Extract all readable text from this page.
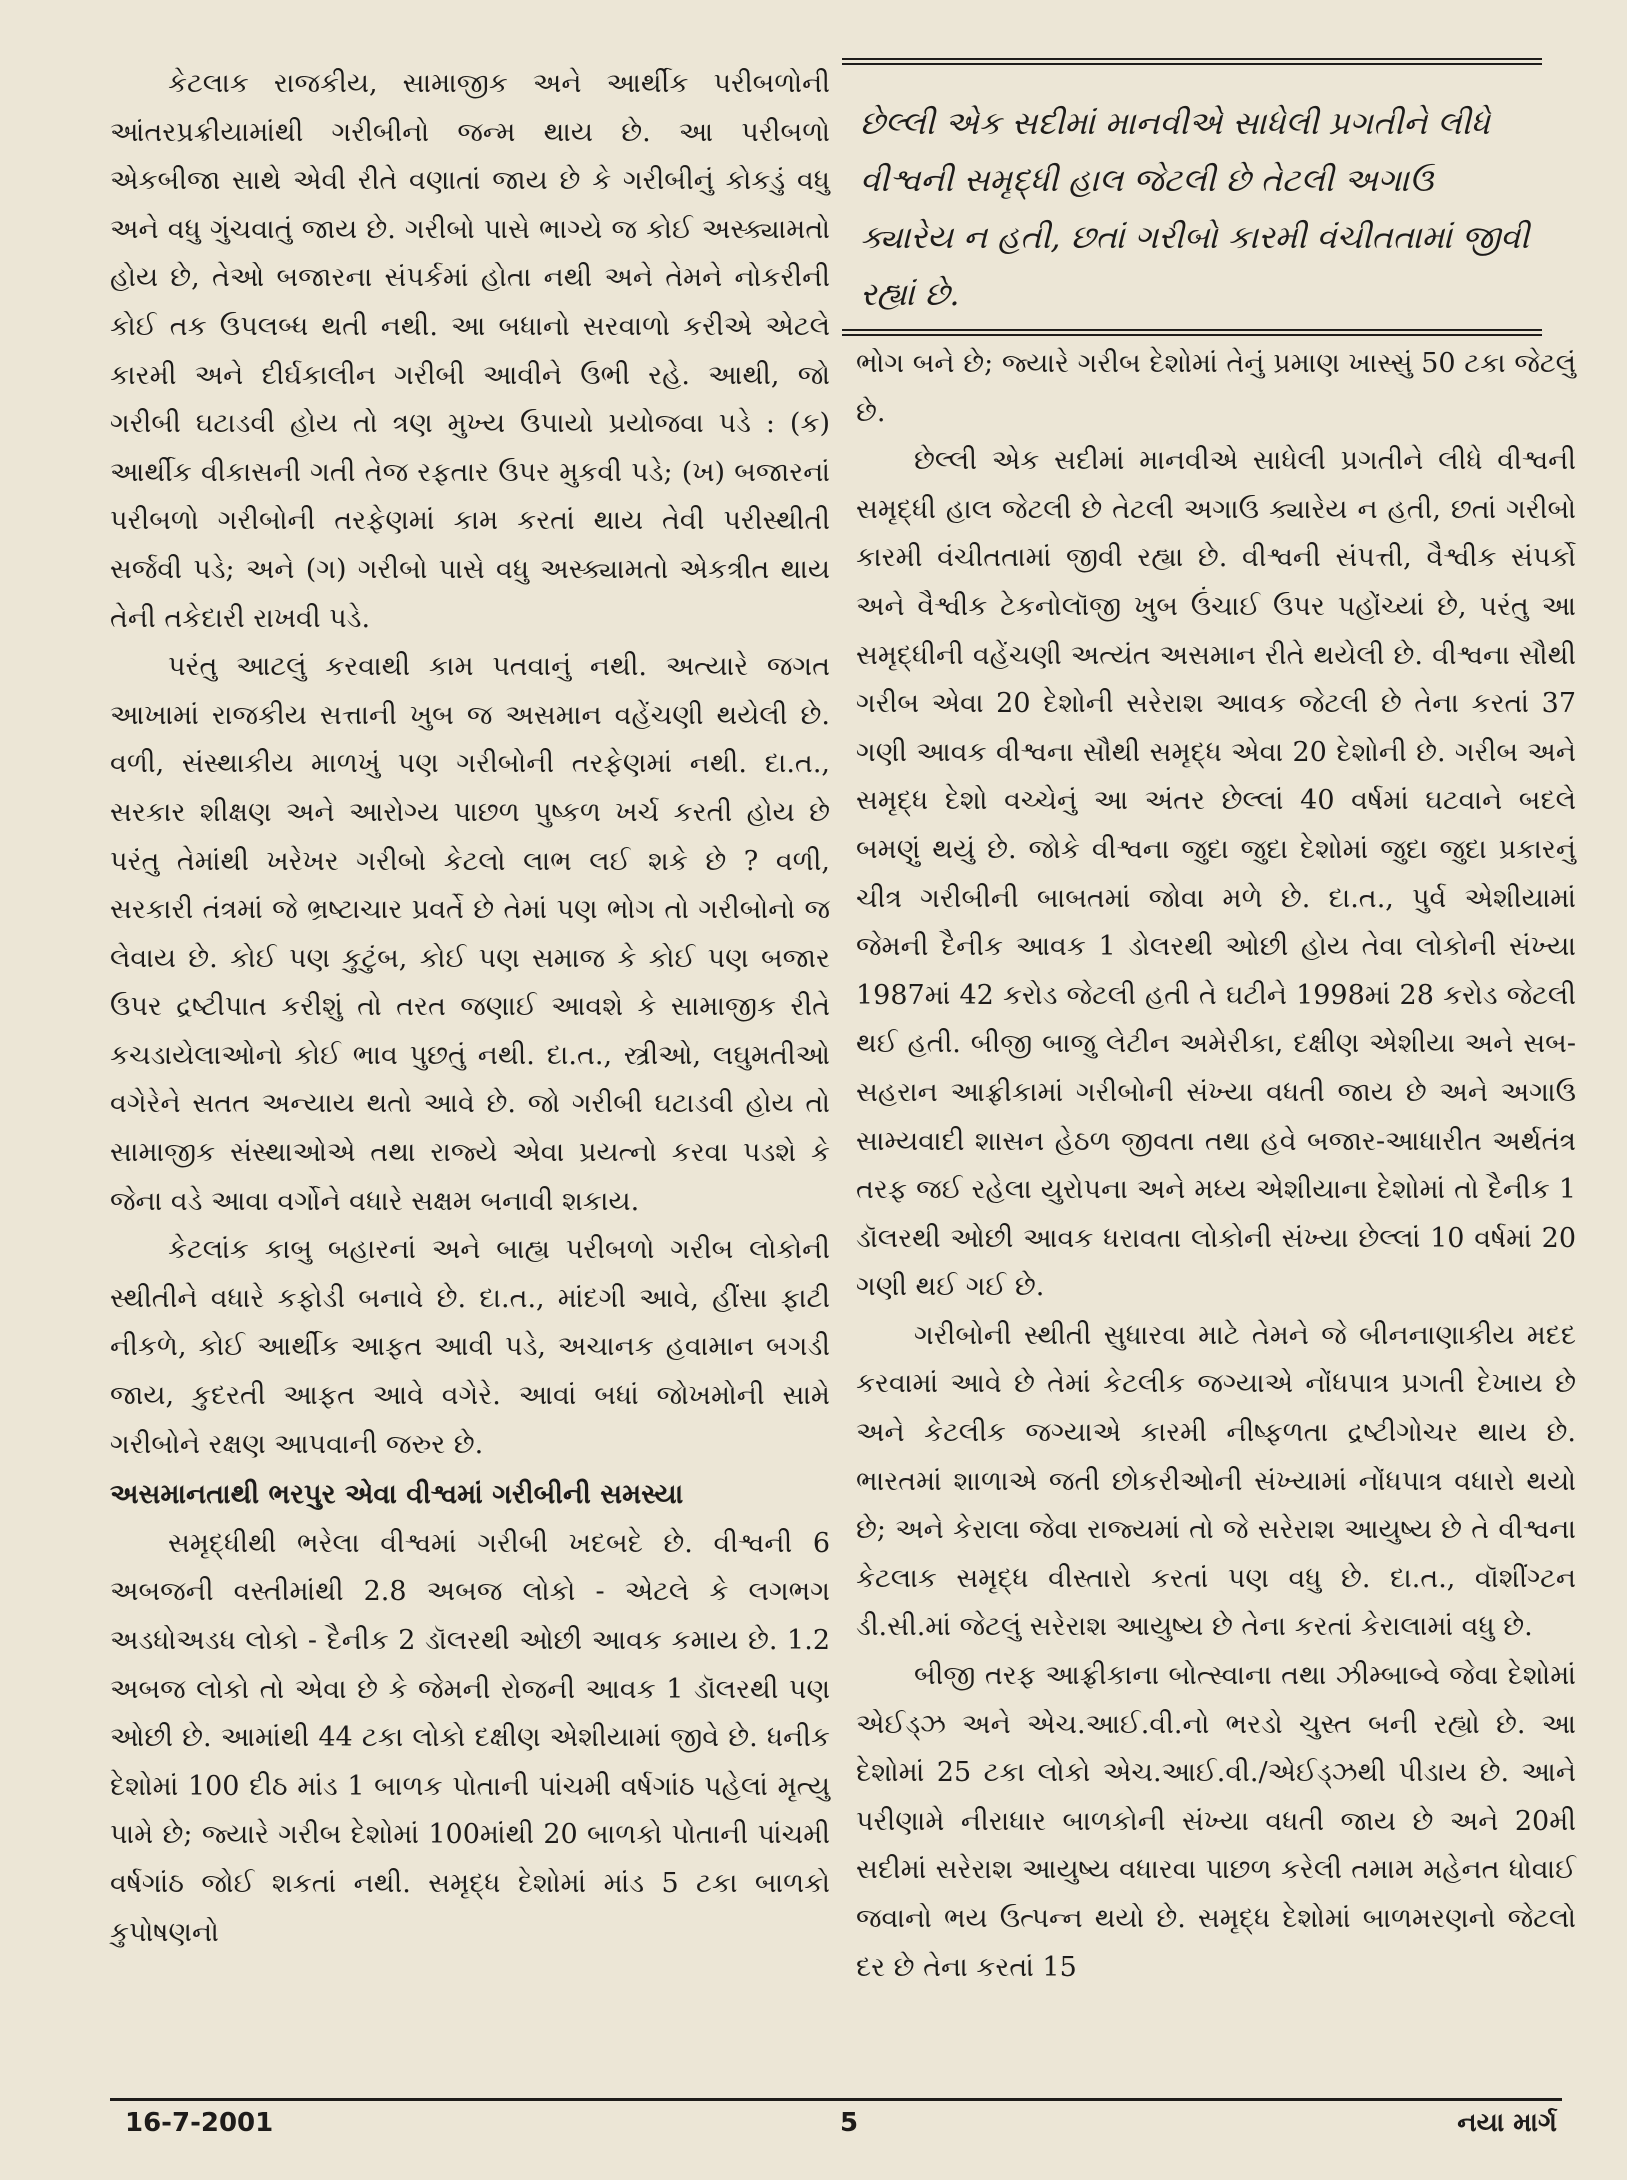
કેટલાક રાજકીય, સામાજીક અને આર્થીક પરીબળોની આંતરપ્રક્રીયામાંથી ગરીબીનો જન્મ થાય છે. આ પરીબળો એકબીજા સાથે એવી રીતે વણાતાં જાય છે કે ગરીબીનું કોકડું વધુ અને વધુ ગુંચવાતું જાય છે. ગરીબો પાસે ભાગ્યે જ કોઈ અસ્ક્યામતો હોય છે, તેઓ બજારના સંપર્કમાં હોતા નથી અને તેમને નોકરીની કોઈ તક ઉપલબ્ધ થતી નથી. આ બધાનો સરવાળો કરીએ એટલે કારમી અને દીર્ઘકાલીન ગરીબી આવીને ઉભી રહે. આથી, જો ગરીબી ઘટાડવી હોય તો ત્રણ મુખ્ય ઉપાયો પ્રયોજવા પડે : (ક) આર્થીક વીકાસની ગતી તેજ રફતાર ઉપર મુકવી પડે; (ખ) બજારનાં પરીબળો ગરીબોની તરફેણમાં કામ કરતાં થાય તેવી પરીસ્થીતી સર્જવી પડે; અને (ગ) ગરીબો પાસે વધુ અસ્ક્યામતો એકત્રીત થાય તેની તકેદારી રાખવી પડે.

પરંતુ આટલું કરવાથી કામ પતવાનું નથી. અત્યારે જગત આખામાં રાજકીય સત્તાની ખુબ જ અસમાન વહેંચણી થયેલી છે. વળી, સંસ્થાકીય માળખું પણ ગરીબોની તરફેણમાં નથી. દા.ત., સરકાર શીક્ષણ અને આરોગ્ય પાછળ પુષ્કળ ખર્ચ કરતી હોય છે પરંતુ તેમાંથી ખરેખર ગરીબો કેટલો લાભ લઈ શકે છે ? વળી, સરકારી તંત્રમાં જે ભ્રષ્ટાચાર પ્રવર્તે છે તેમાં પણ ભોગ તો ગરીબોનો જ લેવાય છે. કોઈ પણ કુટુંબ, કોઈ પણ સમાજ કે કોઈ પણ બજાર ઉપર દ્રષ્ટીપાત કરીશું તો તરત જણાઈ આવશે કે સામાજીક રીતે કચડાયેલાઓનો કોઈ ભાવ પુછતું નથી. દા.ત., સ્ત્રીઓ, લઘુમતીઓ વગેરેને સતત અન્યાય થતો આવે છે. જો ગરીબી ઘટાડવી હોય તો સામાજીક સંસ્થાઓએ તથા રાજ્યે એવા પ્રયત્નો કરવા પડશે કે જેના વડે આવા વર્ગોને વધારે સક્ષમ બનાવી શકાય.

કેટલાંક કાબુ બહારનાં અને બાહ્ય પરીબળો ગરીબ લોકોની સ્થીતીને વધારે કફોડી બનાવે છે. દા.ત., માંદગી આવે, હીંસા ફાટી નીકળે, કોઈ આર્થીક આફત આવી પડે, અચાનક હવામાન બગડી જાય, કુદરતી આફત આવે વગેરે. આવાં બધાં જોખમોની સામે ગરીબોને રક્ષણ આપવાની જરુર છે.

અસમાનતાથી ભરપુર એવા વીશ્વમાં ગરીબીની સમસ્યા

સમૃદ્ધીથી ભરેલા વીશ્વમાં ગરીબી ખદબદે છે. વીશ્વની 6 અબજની વસ્તીમાંથી 2.8 અબજ લોકો - એટલે કે લગભગ અડધોઅડધ લોકો - દૈનીક 2 ડૉલરથી ઓછી આવક કમાય છે. 1.2 અબજ લોકો તો એવા છે કે જેમની રોજની આવક 1 ડૉલરથી પણ ઓછી છે. આમાંથી 44 ટકા લોકો દક્ષીણ એશીયામાં જીવે છે. ધનીક દેશોમાં 100 દીઠ માંડ 1 બાળક પોતાની પાંચમી વર્ષગાંઠ પહેલાં મૃત્યુ પામે છે; જ્યારે ગરીબ દેશોમાં 100માંથી 20 બાળકો પોતાની પાંચમી વર્ષગાંઠ જોઈ શકતાં નથી. સમૃદ્ધ દેશોમાં માંડ 5 ટકા બાળકો કુપોષણનો

છેલ્લી એક સદીમાં માનવીએ સાધેલી પ્રગતીને લીધે વીશ્વની સમૃદ્ધી હાલ જેટલી છે તેટલી અગાઉ ક્યારેય ન હતી, છતાં ગરીબો કારમી વંચીતતામાં જીવી રહ્યાં છે.

ભોગ બને છે; જ્યારે ગરીબ દેશોમાં તેનું પ્રમાણ ખાસ્સું 50 ટકા જેટલું છે.

છેલ્લી એક સદીમાં માનવીએ સાધેલી પ્રગતીને લીધે વીશ્વની સમૃદ્ધી હાલ જેટલી છે તેટલી અગાઉ ક્યારેય ન હતી, છતાં ગરીબો કારમી વંચીતતામાં જીવી રહ્યા છે. વીશ્વની સંપત્તી, વૈશ્વીક સંપર્કો અને વૈશ્વીક ટેકનોલૉજી ખુબ ઉંચાઈ ઉપર પહોંચ્યાં છે, પરંતુ આ સમૃદ્ધીની વહેંચણી અત્યંત અસમાન રીતે થયેલી છે. વીશ્વના સૌથી ગરીબ એવા 20 દેશોની સરેરાશ આવક જેટલી છે તેના કરતાં 37 ગણી આવક વીશ્વના સૌથી સમૃદ્ધ એવા 20 દેશોની છે. ગરીબ અને સમૃદ્ધ દેશો વચ્ચેનું આ અંતર છેલ્લાં 40 વર્ષમાં ઘટવાને બદલે બમણું થયું છે. જોકે વીશ્વના જુદા જુદા દેશોમાં જુદા જુદા પ્રકારનું ચીત્ર ગરીબીની બાબતમાં જોવા મળે છે. દા.ત., પુર્વ એશીયામાં જેમની દૈનીક આવક 1 ડોલરથી ઓછી હોય તેવા લોકોની સંખ્યા 1987માં 42 કરોડ જેટલી હતી તે ઘટીને 1998માં 28 કરોડ જેટલી થઈ હતી. બીજી બાજુ લેટીન અમેરીકા, દક્ષીણ એશીયા અને સબ-સહરાન આફ્રીકામાં ગરીબોની સંખ્યા વધતી જાય છે અને અગાઉ સામ્યવાદી શાસન હેઠળ જીવતા તથા હવે બજાર-આધારીત અર્થતંત્ર તરફ જઈ રહેલા યુરોપના અને મધ્ય એશીયાના દેશોમાં તો દૈનીક 1 ડૉલરથી ઓછી આવક ધરાવતા લોકોની સંખ્યા છેલ્લાં 10 વર્ષમાં 20 ગણી થઈ ગઈ છે.

ગરીબોની સ્થીતી સુધારવા માટે તેમને જે બીનનાણાકીય મદદ કરવામાં આવે છે તેમાં કેટલીક જગ્યાએ નોંધપાત્ર પ્રગતી દેખાય છે અને કેટલીક જગ્યાએ કારમી નીષ્ફળતા દ્રષ્ટીગોચર થાય છે. ભારતમાં શાળાએ જતી છોકરીઓની સંખ્યામાં નોંધપાત્ર વધારો થયો છે; અને કેરાલા જેવા રાજ્યમાં તો જે સરેરાશ આયુષ્ય છે તે વીશ્વના કેટલાક સમૃદ્ધ વીસ્તારો કરતાં પણ વધુ છે. દા.ત., વૉશીંગ્ટન ડી.સી.માં જેટલું સરેરાશ આયુષ્ય છે તેના કરતાં કેરાલામાં વધુ છે.

બીજી તરફ આફ્રીકાના બોત્સ્વાના તથા ઝીમ્બાબ્વે જેવા દેશોમાં એઈડ્ઝ અને એચ.આઈ.વી.નો ભરડો ચુસ્ત બની રહ્યો છે. આ દેશોમાં 25 ટકા લોકો એચ.આઈ.વી./એઈડ્ઝથી પીડાય છે. આને પરીણામે નીરાધાર બાળકોની સંખ્યા વધતી જાય છે અને 20મી સદીમાં સરેરાશ આયુષ્ય વધારવા પાછળ કરેલી તમામ મહેનત ધોવાઈ જવાનો ભય ઉત્પન્ન થયો છે. સમૃદ્ધ દેશોમાં બાળમરણનો જેટલો દર છે તેના કરતાં 15

16-7-2001	5	નયા માર્ગ
